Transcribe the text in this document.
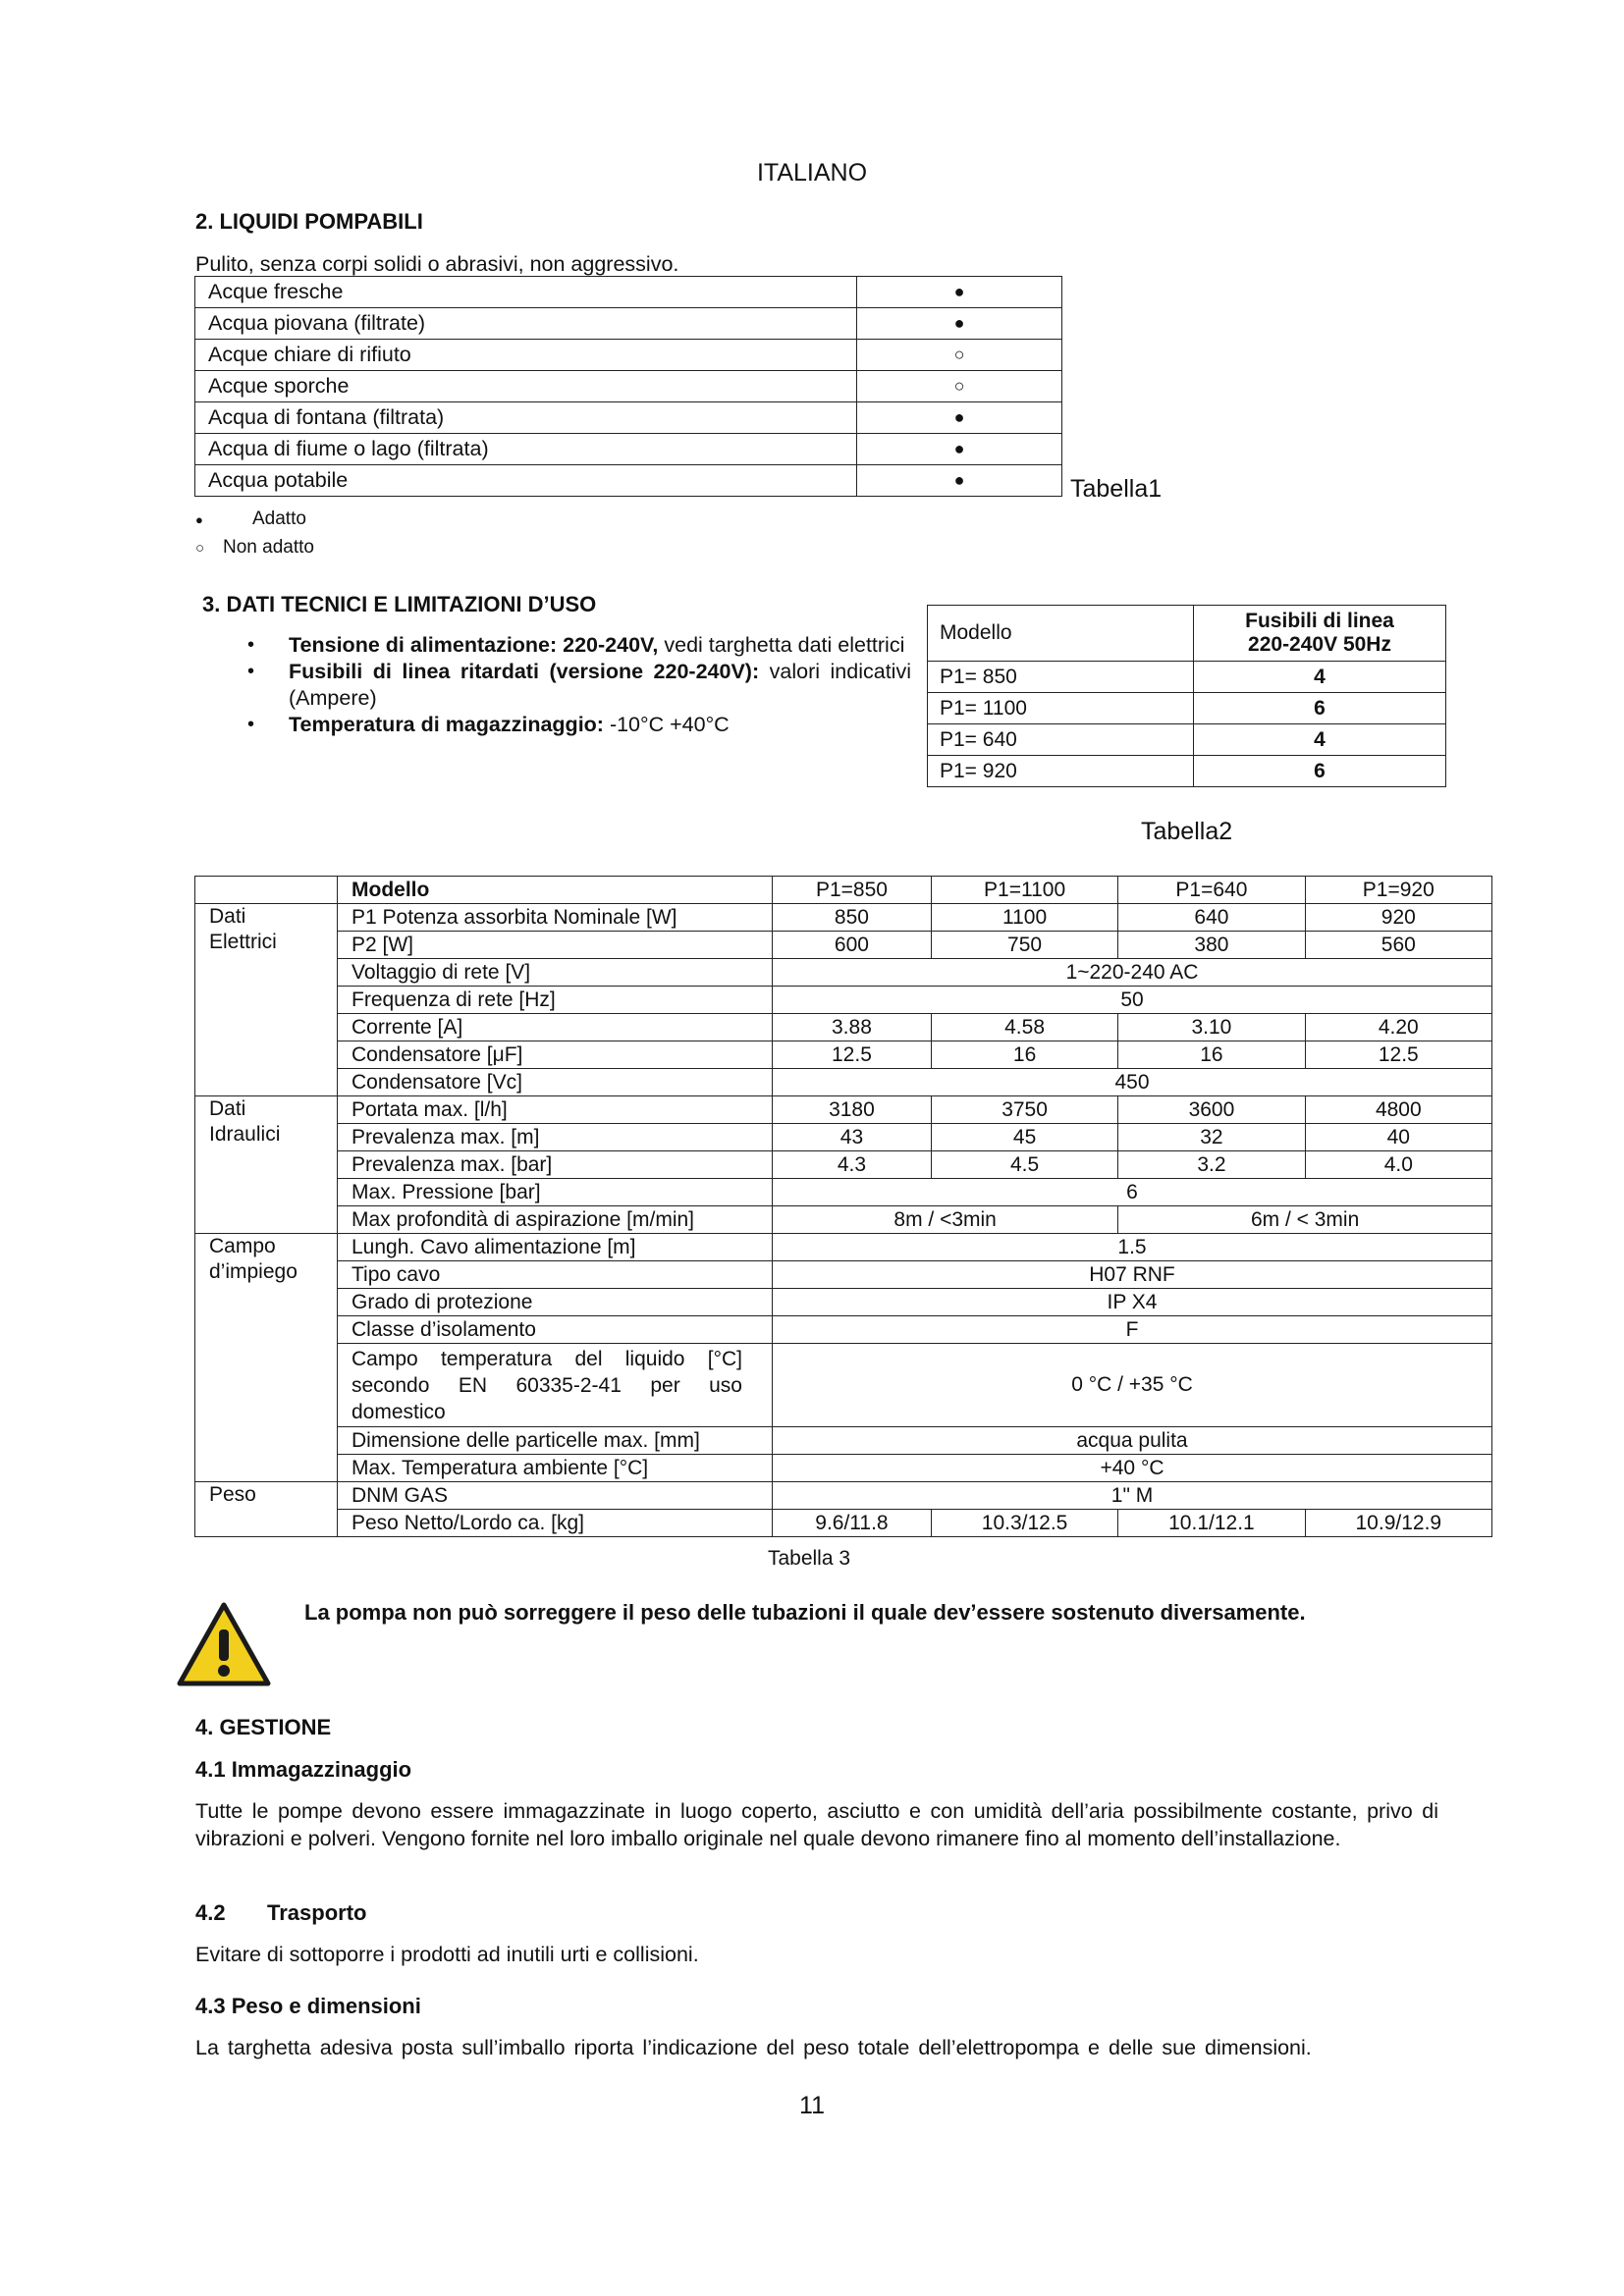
ITALIANO
2. LIQUIDI POMPABILI
Pulito, senza corpi solidi o abrasivi, non aggressivo.
Acque fresche	●
Acqua piovana (filtrate)	●
Acque chiare di rifiuto	○
Acque sporche	○
Acqua di fontana (filtrata)	●
Acqua di fiume o lago (filtrata)	●
Acqua potabile	●	Tabella1
●	Adatto
○ Non adatto
3. DATI TECNICI E LIMITAZIONI D’USO
• Tensione di alimentazione: 220-240V, vedi targhetta dati elettrici
• Fusibili di linea ritardati (versione 220-240V): valori indicativi (Ampere)
• Temperatura di magazzinaggio: -10°C +40°C
Modello	Fusibili di linea
220-240V 50Hz

P1= 850	4
P1= 1100	6
P1= 640	4
P1= 920	6
Tabella2
	Modello	P1=850	P1=1100	P1=640	P1=920

Dati Elettrici	P1 Potenza assorbita Nominale [W]	850	1100	640	920
	P2 [W]	600	750	380	560
	Voltaggio di rete [V]	1~220-240 AC			
	Frequenza di rete [Hz]	50			
	Corrente [A]	3.88	4.58	3.10	4.20
	Condensatore [μF]	12.5	16	16	12.5
	Condensatore [Vc]	450			

Dati Idraulici	Portata max. [l/h]	3180	3750	3600	4800
	Prevalenza max. [m]	43	45	32	40
	Prevalenza max. [bar]	4.3	4.5	3.2	4.0
	Max. Pressione [bar]	6			
	Max profondità di aspirazione [m/min]	8m / <3min		6m / < 3min	

Campo d’impiego	Lungh. Cavo alimentazione [m]	1.5			
	Tipo cavo	H07 RNF			
	Grado di protezione	IP X4			
	Classe d’isolamento	F			

	Campo temperatura del liquido [°C] secondo EN 60335-2-41 per uso domestico	0 °C / +35 °C			
	Dimensione delle particelle max. [mm]	acqua pulita			
	Max. Temperatura ambiente [°C]	+40 °C			
Peso	DNM GAS	1" M			
	Peso Netto/Lordo ca. [kg]	9.6/11.8	10.3/12.5	10.1/12.1	10.9/12.9
Tabella 3
La pompa non può sorreggere il peso delle tubazioni il quale dev’essere sostenuto diversamente.
4. GESTIONE
4.1 Immagazzinaggio
Tutte le pompe devono essere immagazzinate in luogo coperto, asciutto e con umidità dell’aria possibilmente costante, privo di vibrazioni e polveri. Vengono fornite nel loro imballo originale nel quale devono rimanere fino al momento dell’installazione.
4.2 Trasporto
Evitare di sottoporre i prodotti ad inutili urti e collisioni.
4.3 Peso e dimensioni
La targhetta adesiva posta sull’imballo riporta l’indicazione del peso totale dell’elettropompa e delle sue dimensioni.
11
